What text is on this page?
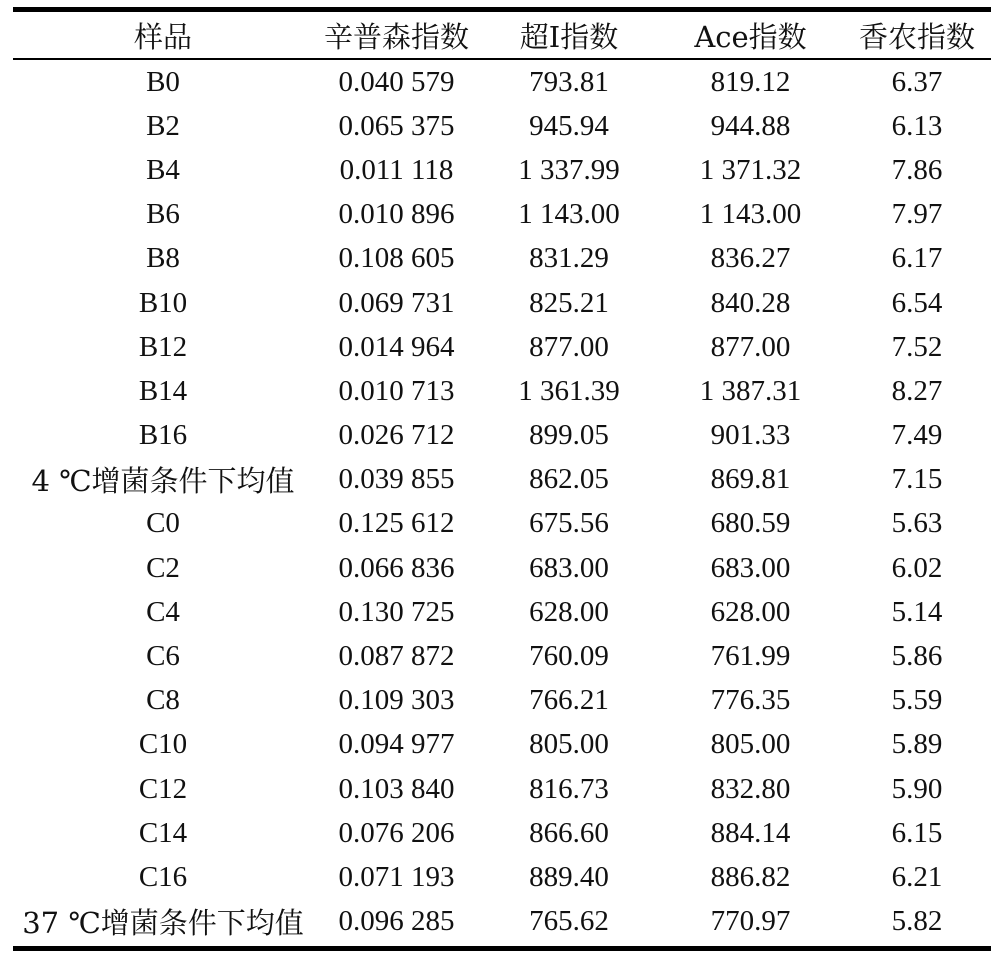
样品	辛普森指数	超Ⅰ指数	Ace指数	香农指数
B0	0.040 579	793.81	819.12	6.37
B2	0.065 375	945.94	944.88	6.13
B4	0.011 118	1 337.99	1 371.32	7.86
B6	0.010 896	1 143.00	1 143.00	7.97
B8	0.108 605	831.29	836.27	6.17
B10	0.069 731	825.21	840.28	6.54
B12	0.014 964	877.00	877.00	7.52
B14	0.010 713	1 361.39	1 387.31	8.27
B16	0.026 712	899.05	901.33	7.49
4 ℃增菌条件下均值	0.039 855	862.05	869.81	7.15
C0	0.125 612	675.56	680.59	5.63
C2	0.066 836	683.00	683.00	6.02
C4	0.130 725	628.00	628.00	5.14
C6	0.087 872	760.09	761.99	5.86
C8	0.109 303	766.21	776.35	5.59
C10	0.094 977	805.00	805.00	5.89
C12	0.103 840	816.73	832.80	5.90
C14	0.076 206	866.60	884.14	6.15
C16	0.071 193	889.40	886.82	6.21
37 ℃增菌条件下均值	0.096 285	765.62	770.97	5.82
